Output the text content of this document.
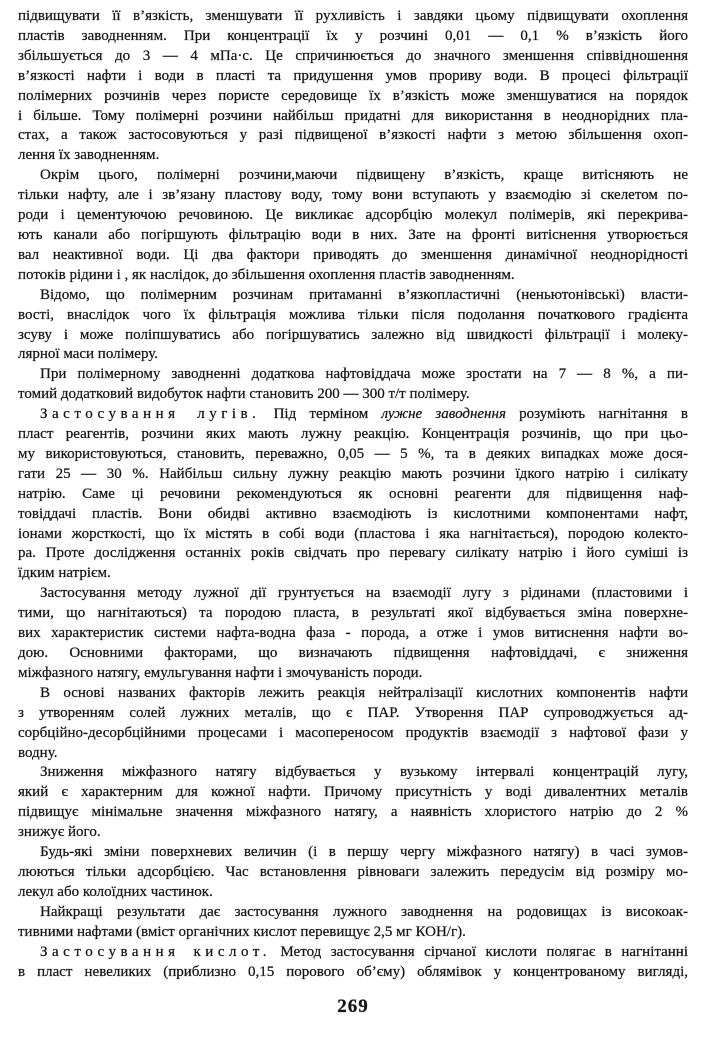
підвищувати її в’язкість, зменшувати її рухливість і завдяки цьому підвищувати охоплення
пластів заводненням. При концентрації їх у розчині 0,01 — 0,1 % в’язкість його
збільшується до 3 — 4 мПа·с. Це спричинюється до значного зменшення співвідношення
в’язкості нафти і води в пласті та придушення умов прориву води. В процесі фільтрації
полімерних розчинів через пористе середовище їх в’язкість може зменшуватися на порядок
і більше. Тому полімерні розчини найбільш придатні для використання в неоднорідних пла-
стах, а також застосовуються у разі підвищеної в’язкості нафти з метою збільшення охоп-
лення їх заводненням.
Окрім цього, полімерні розчини,маючи підвищену в’язкість, краще витісняють не
тільки нафту, але і зв’язану пластову воду, тому вони вступають у взаємодію зі скелетом по-
роди і цементуючою речовиною. Це викликає адсорбцію молекул полімерів, які перекрива-
ють канали або погіршують фільтрацію води в них. Зате на фронті витіснення утворюється
вал неактивної води. Ці два фактори приводять до зменшення динамічної неоднорідності
потоків рідини і , як наслідок, до збільшення охоплення пластів заводненням.
Відомо, що полімерним розчинам притаманні в’язкопластичні (неньютонівські) власти-
вості, внаслідок чого їх фільтрація можлива тільки після подолання початкового градієнта
зсуву і може поліпшуватись або погіршуватись залежно від швидкості фільтрації і молеку-
лярної маси полімеру.
При полімерному заводненні додаткова нафтовіддача може зростати на 7 — 8 %, а пи-
томий додатковий видобуток нафти становить 200 — 300 т/т полімеру.
Застосування лугів. Під терміном лужне заводнення розуміють нагнітання в
пласт реагентів, розчини яких мають лужну реакцію. Концентрація розчинів, що при цьо-
му використовуються, становить, переважно, 0,05 — 5 %, та в деяких випадках може дося-
гати 25 — 30 %. Найбільш сильну лужну реакцію мають розчини їдкого натрію і силікату
натрію. Саме ці речовини рекомендуються як основні реагенти для підвищення наф-
товіддачі пластів. Вони обидві активно взаємодіють із кислотними компонентами нафт,
іонами жорсткості, що їх містять в собі води (пластова і яка нагнітається), породою колекто-
ра. Проте дослідження останніх років свідчать про перевагу силікату натрію і його суміші із
їдким натрієм.
Застосування методу лужної дії грунтується на взаємодії лугу з рідинами (пластовими і
тими, що нагнітаються) та породою пласта, в результаті якої відбувається зміна поверхне-
вих характеристик системи нафта-водна фаза - порода, а отже і умов витиснення нафти во-
дою. Основними факторами, що визначають підвищення нафтовіддачі, є зниження
міжфазного натягу, емульгування нафти і змочуваність породи.
В основі названих факторів лежить реакція нейтралізації кислотних компонентів нафти
з утворенням солей лужних металів, що є ПАР. Утворення ПАР супроводжується ад-
сорбційно-десорбційними процесами і масопереносом продуктів взаємодії з нафтової фази у
водну.
Зниження міжфазного натягу відбувається у вузькому інтервалі концентрацій лугу,
який є характерним для кожної нафти. Причому присутність у воді дивалентних металів
підвищує мінімальне значення міжфазного натягу, а наявність хлористого натрію до 2 %
знижує його.
Будь-які зміни поверхневих величин (і в першу чергу міжфазного натягу) в часі зумов-
люються тільки адсорбцією. Час встановлення рівноваги залежить передусім від розміру мо-
лекул або колоїдних частинок.
Найкращі результати дає застосування лужного заводнення на родовищах із високоак-
тивними нафтами (вміст органічних кислот перевищує 2,5 мг КОН/г).
Застосування кислот. Метод застосування сірчаної кислоти полягає в нагнітанні
в пласт невеликих (приблизно 0,15 порового об’єму) облямівок у концентрованому вигляді,
269
